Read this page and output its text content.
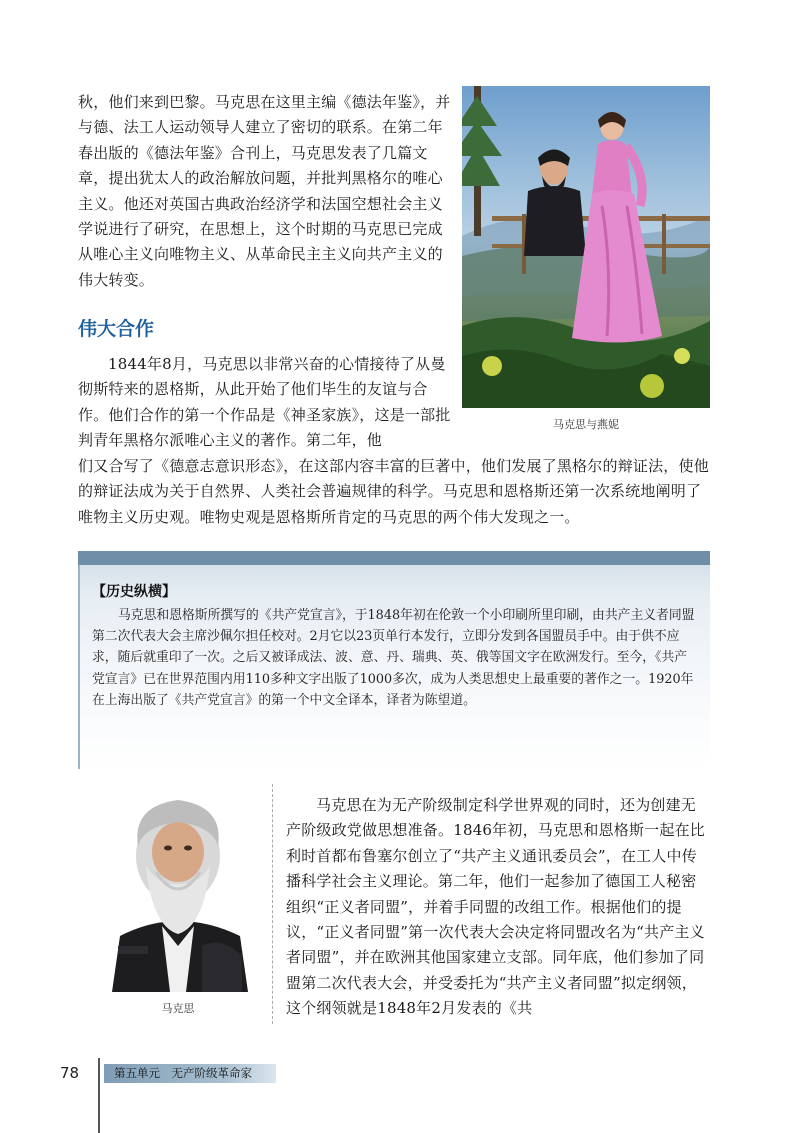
秋，他们来到巴黎。马克思在这里主编《德法年鉴》，并与德、法工人运动领导人建立了密切的联系。在第二年春出版的《德法年鉴》合刊上，马克思发表了几篇文章，提出犹太人的政治解放问题，并批判黑格尔的唯心主义。他还对英国古典政治经济学和法国空想社会主义学说进行了研究，在思想上，这个时期的马克思已完成从唯心主义向唯物主义、从革命民主主义向共产主义的伟大转变。

马克思与燕妮
伟大合作

1844年8月，马克思以非常兴奋的心情接待了从曼彻斯特来的恩格斯，从此开始了他们毕生的友谊与合作。他们合作的第一个作品是《神圣家族》，这是一部批判青年黑格尔派唯心主义的著作。第二年，他

们又合写了《德意志意识形态》，在这部内容丰富的巨著中，他们发展了黑格尔的辩证法，使他的辩证法成为关于自然界、人类社会普遍规律的科学。马克思和恩格斯还第一次系统地阐明了唯物主义历史观。唯物史观是恩格斯所肯定的马克思的两个伟大发现之一。

【历史纵横】

马克思和恩格斯所撰写的《共产党宣言》，于1848年初在伦敦一个小印刷所里印刷，由共产主义者同盟第二次代表大会主席沙佩尔担任校对。2月它以23页单行本发行，立即分发到各国盟员手中。由于供不应求，随后就重印了一次。之后又被译成法、波、意、丹、瑞典、英、俄等国文字在欧洲发行。至今，《共产党宣言》已在世界范围内用110多种文字出版了1000多次，成为人类思想史上最重要的著作之一。1920年在上海出版了《共产党宣言》的第一个中文全译本，译者为陈望道。

马克思

马克思在为无产阶级制定科学世界观的同时，还为创建无产阶级政党做思想准备。1846年初，马克思和恩格斯一起在比利时首都布鲁塞尔创立了“共产主义通讯委员会”，在工人中传播科学社会主义理论。第二年，他们一起参加了德国工人秘密组织“正义者同盟”，并着手同盟的改组工作。根据他们的提议，“正义者同盟”第一次代表大会决定将同盟改名为“共产主义者同盟”，并在欧洲其他国家建立支部。同年底，他们参加了同盟第二次代表大会，并受委托为“共产主义者同盟”拟定纲领，这个纲领就是1848年2月发表的《共

78	第五单元　无产阶级革命家
